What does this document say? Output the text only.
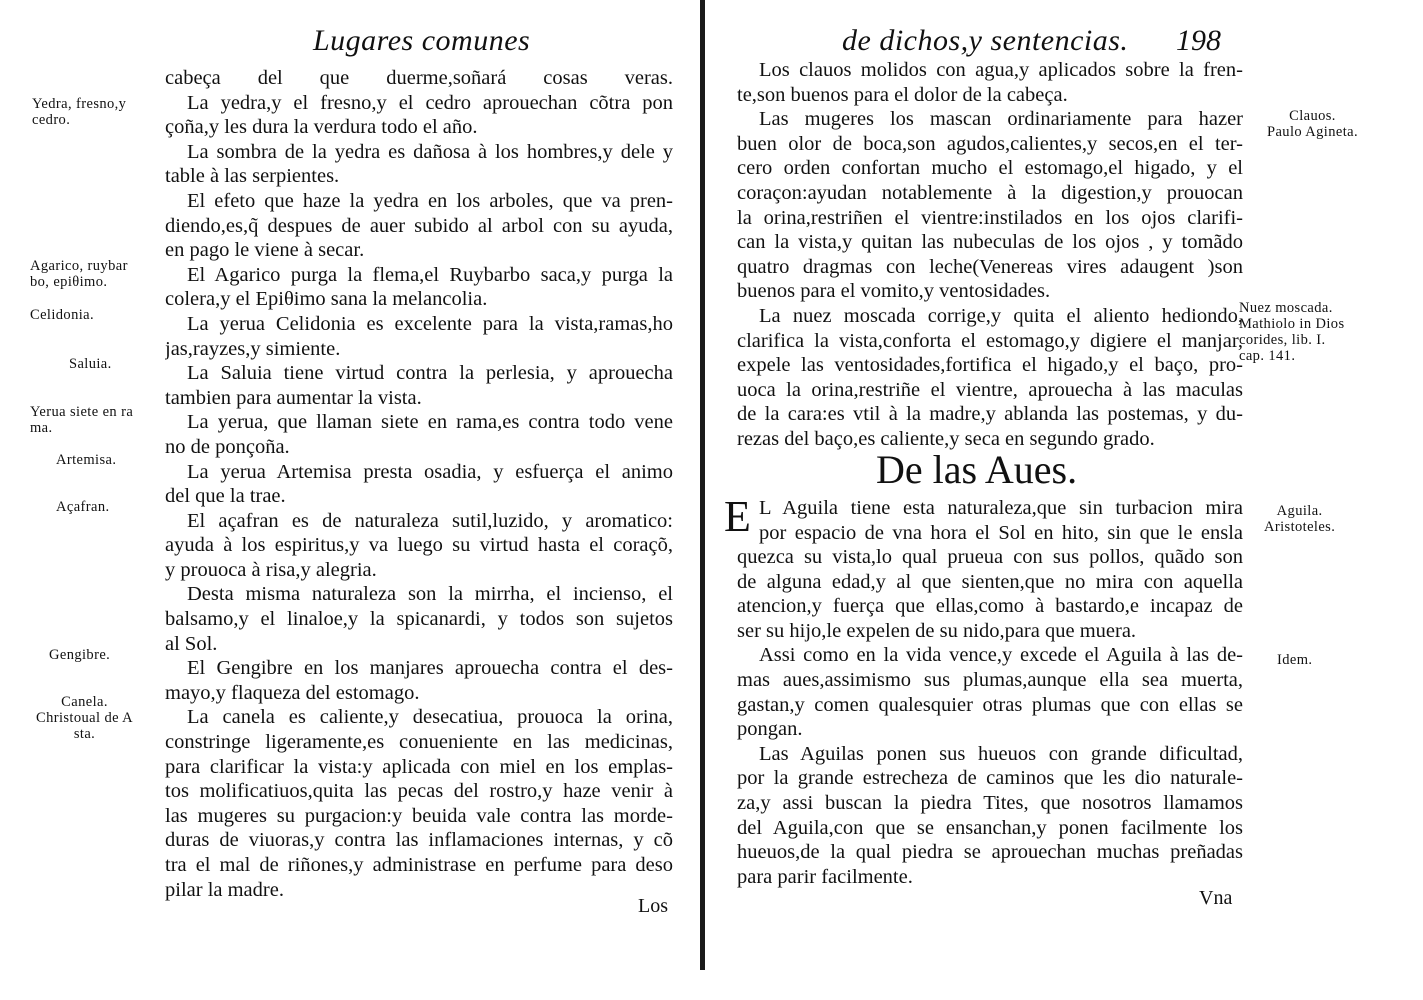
Lugares comunes
Yedra, fresno,y
cedro.
Agarico, ruybar
bo, epiθimo.
Celidonia.
Saluia.
Yerua siete en ra
ma.
Artemisa.
Açafran.
Gengibre.
Canela.
Christoual de A
sta.
cabeça del que duerme,soñará cosas veras.
La yedra,y el fresno,y el cedro aprouechan cõtra pon
çoña,y les dura la verdura todo el año.
La sombra de la yedra es dañosa à los hombres,y dele y
table à las serpientes.
El efeto que haze la yedra en los arboles, que va pren-
diendo,es,q̃ despues de auer subido al arbol con su ayuda,
en pago le viene à secar.
El Agarico purga la flema,el Ruybarbo saca,y purga la
colera,y el Epiθimo sana la melancolia.
La yerua Celidonia es excelente para la vista,ramas,ho
jas,rayzes,y simiente.
La Saluia tiene virtud contra la perlesia, y aprouecha
tambien para aumentar la vista.
La yerua, que llaman siete en rama,es contra todo vene
no de ponçoña.
La yerua Artemisa presta osadia, y esfuerça el animo
del que la trae.
El açafran es de naturaleza sutil,luzido, y aromatico:
ayuda à los espiritus,y va luego su virtud hasta el coraçõ,
y prouoca à risa,y alegria.
Desta misma naturaleza son la mirrha, el incienso, el
balsamo,y el linaloe,y la spicanardi, y todos son sujetos
al Sol.
El Gengibre en los manjares aprouecha contra el des-
mayo,y flaqueza del estomago.
La canela es caliente,y desecatiua, prouoca la orina,
constringe ligeramente,es conueniente en las medicinas,
para clarificar la vista:y aplicada con miel en los emplas-
tos molificatiuos,quita las pecas del rostro,y haze venir à
las mugeres su purgacion:y beuida vale contra las morde-
duras de viuoras,y contra las inflamaciones internas, y cõ
tra el mal de riñones,y administrase en perfume para deso
pilar la madre.
Los
de dichos,y sentencias. 198
Clauos.
Paulo Agineta.
Nuez moscada.
Mathiolo in Dios
corides, lib. I.
cap. 141.
Aguila.
Aristoteles.
Idem.
Los clauos molidos con agua,y aplicados sobre la fren-
te,son buenos para el dolor de la cabeça.
Las mugeres los mascan ordinariamente para hazer
buen olor de boca,son agudos,calientes,y secos,en el ter-
cero orden confortan mucho el estomago,el higado, y el
coraçon:ayudan notablemente à la digestion,y prouocan
la orina,restriñen el vientre:instilados en los ojos clarifi-
can la vista,y quitan las nubeculas de los ojos , y tomãdo
quatro dragmas con leche(Venereas vires adaugent )son
buenos para el vomito,y ventosidades.
La nuez moscada corrige,y quita el aliento hediondo,
clarifica la vista,conforta el estomago,y digiere el manjar,
expele las ventosidades,fortifica el higado,y el baço, pro-
uoca la orina,restriñe el vientre, aprouecha à las maculas
de la cara:es vtil à la madre,y ablanda las postemas, y du-
rezas del baço,es caliente,y seca en segundo grado.
De las Aues.
E L Aguila tiene esta naturaleza,que sin turbacion mira
por espacio de vna hora el Sol en hito, sin que le ensla
quezca su vista,lo qual prueua con sus pollos, quãdo son
de alguna edad,y al que sienten,que no mira con aquella
atencion,y fuerça que ellas,como à bastardo,e incapaz de
ser su hijo,le expelen de su nido,para que muera.
Assi como en la vida vence,y excede el Aguila à las de-
mas aues,assimismo sus plumas,aunque ella sea muerta,
gastan,y comen qualesquier otras plumas que con ellas se
pongan.
Las Aguilas ponen sus hueuos con grande dificultad,
por la grande estrecheza de caminos que les dio naturale-
za,y assi buscan la piedra Tites, que nosotros llamamos
del Aguila,con que se ensanchan,y ponen facilmente los
hueuos,de la qual piedra se aprouechan muchas preñadas
para parir facilmente.
Vna
